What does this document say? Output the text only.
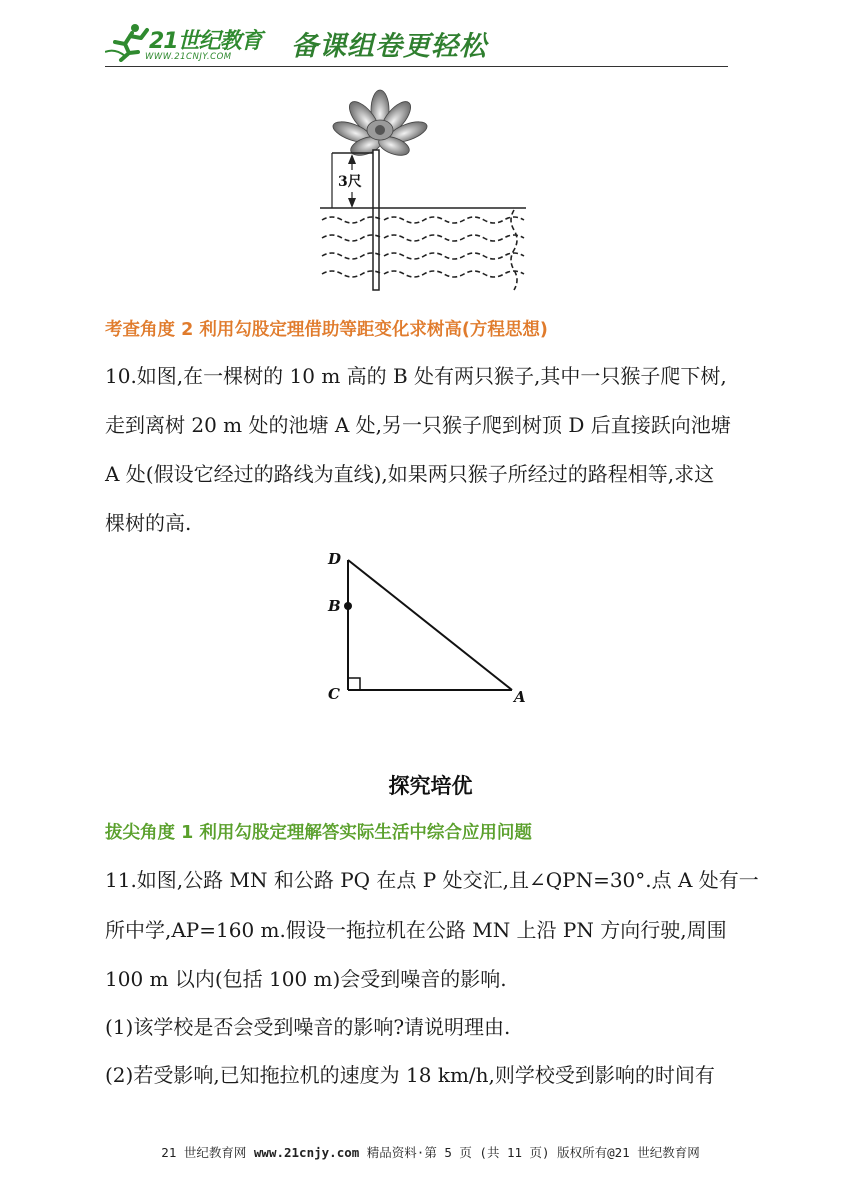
21世纪教育
WWW.21CNJY.COM 备课组卷更轻松
3尺
考查角度 2 利用勾股定理借助等距变化求树高(方程思想)
10.如图,在一棵树的 10 m 高的 B 处有两只猴子,其中一只猴子爬下树,
走到离树 20 m 处的池塘 A 处,另一只猴子爬到树顶 D 后直接跃向池塘
A 处(假设它经过的路线为直线),如果两只猴子所经过的路程相等,求这
棵树的高.
D
B
C	A
探究培优
拔尖角度 1 利用勾股定理解答实际生活中综合应用问题
11.如图,公路 MN 和公路 PQ 在点 P 处交汇,且∠QPN=30°.点 A 处有一
所中学,AP=160 m.假设一拖拉机在公路 MN 上沿 PN 方向行驶,周围
100 m 以内(包括 100 m)会受到噪音的影响.
(1)该学校是否会受到噪音的影响?请说明理由.
(2)若受影响,已知拖拉机的速度为 18 km/h,则学校受到影响的时间有
21 世纪教育网 www.21cnjy.com 精品资料·第 5 页 (共 11 页) 版权所有@21 世纪教育网
